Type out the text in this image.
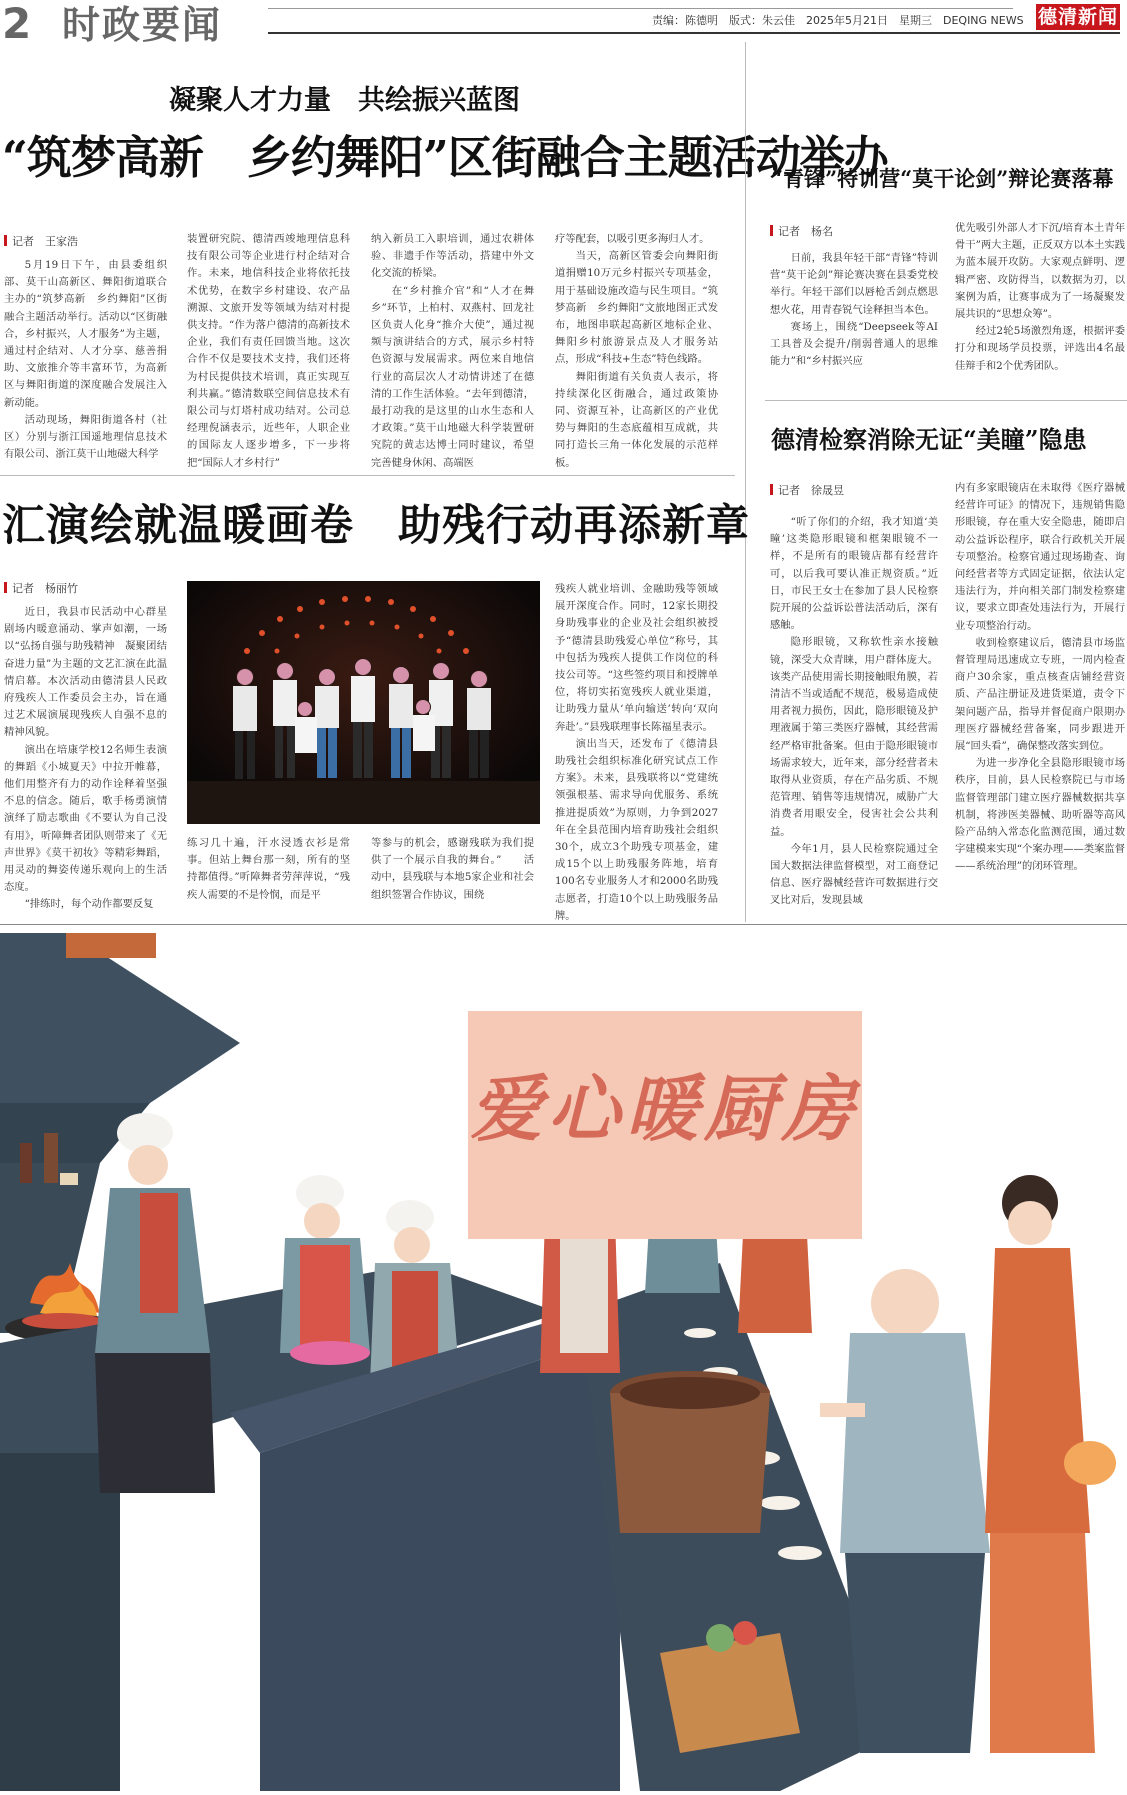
2 时政要闻	责编：陈德明　版式：朱云佳　2025年5月21日　星期三　DEQING NEWS 德清新闻
凝聚人才力量　共绘振兴蓝图
“筑梦高新　乡约舞阳”区街融合主题活动举办
记者　王家浩

5月19日下午，由县委组织部、莫干山高新区、舞阳街道联合主办的“筑梦高新　乡约舞阳”区街融合主题活动举行。活动以“区街融合，乡村振兴，人才服务”为主题，通过村企结对、人才分享、慈善捐助、文旅推介等丰富环节，为高新区与舞阳街道的深度融合发展注入新动能。

活动现场，舞阳街道各村（社区）分别与浙江国遥地理信息技术有限公司、浙江莫干山地磁大科学

装置研究院、德清西竣地理信息科技有限公司等企业进行村企结对合作。未来，地信科技企业将依托技术优势，在数字乡村建设、农产品溯源、文旅开发等领域为结对村提供支持。“作为落户德清的高新技术企业，我们有责任回馈当地。这次合作不仅是要技术支持，我们还将为村民提供技术培训，真正实现互利共赢。”德清数联空间信息技术有限公司与灯塔村成功结对。公司总经理倪涵表示，近些年，人职企业的国际友人逐步增多，下一步将把“国际人才乡村行”

纳入新员工入职培训，通过农耕体验、非遗手作等活动，搭建中外文化交流的桥梁。

在“乡村推介官”和“人才在舞乡”环节，上柏村、双燕村、回龙社区负责人化身“推介大使”，通过视频与演讲结合的方式，展示乡村特色资源与发展需求。两位来自地信行业的高层次人才动情讲述了在德清的工作生活体验。“去年到德清，最打动我的是这里的山水生态和人才政策。”莫干山地磁大科学装置研究院的黄志达博士同时建议，希望完善健身休闲、高端医

疗等配套，以吸引更多海归人才。

当天，高新区管委会向舞阳街道捐赠10万元乡村振兴专项基金，用于基础设施改造与民生项目。“筑梦高新　乡约舞阳”文旅地图正式发布，地图串联起高新区地标企业、舞阳乡村旅游景点及人才服务站点，形成“科技+生态”特色线路。

舞阳街道有关负责人表示，将持续深化区街融合，通过政策协同、资源互补，让高新区的产业优势与舞阳的生态底蕴相互成就，共同打造长三角一体化发展的示范样板。

“青锋”特训营“莫干论剑”辩论赛落幕
记者　杨名

日前，我县年轻干部“青锋”特训营“莫干论剑”辩论赛决赛在县委党校举行。年轻干部们以唇枪舌剑点燃思想火花，用青春锐气诠释担当本色。

赛场上，围绕“Deepseek等AI工具普及会提升/削弱普通人的思维能力”和“乡村振兴应

优先吸引外部人才下沉/培育本土青年骨干”两大主题，正反双方以本土实践为蓝本展开攻防。大家观点鲜明、逻辑严密、攻防得当，以数据为刃，以案例为盾，让赛事成为了一场凝聚发展共识的“思想众筹”。

经过2轮5场激烈角逐，根据评委打分和现场学员投票，评选出4名最佳辩手和2个优秀团队。

德清检察消除无证“美瞳”隐患
记者　徐晟昱

“听了你们的介绍，我才知道‘美瞳’这类隐形眼镜和框架眼镜不一样，不是所有的眼镜店都有经营许可，以后我可要认准正规资质。”近日，市民王女士在参加了县人民检察院开展的公益诉讼普法活动后，深有感触。

隐形眼镜，又称软性亲水接触镜，深受大众青睐，用户群体庞大。该类产品使用需长期接触眼角膜，若清洁不当或适配不规范，极易造成使用者视力损伤，因此，隐形眼镜及护理液属于第三类医疗器械，其经营需经严格审批备案。但由于隐形眼镜市场需求较大，近年来，部分经营者未取得从业资质，存在产品劣质、不规范管理、销售等违规情况，威胁广大消费者用眼安全，侵害社会公共利益。

今年1月，县人民检察院通过全国大数据法律监督模型，对工商登记信息、医疗器械经营许可数据进行交叉比对后，发现县域

内有多家眼镜店在未取得《医疗器械经营许可证》的情况下，违规销售隐形眼镜，存在重大安全隐患，随即启动公益诉讼程序，联合行政机关开展专项整治。检察官通过现场勘查、询问经营者等方式固定证据，依法认定违法行为，并向相关部门制发检察建议，要求立即查处违法行为，开展行业专项整治行动。

收到检察建议后，德清县市场监督管理局迅速成立专班，一周内检查商户30余家，重点核查店铺经营资质、产品注册证及进货渠道，责令下架问题产品，指导并督促商户限期办理医疗器械经营备案，同步跟进开展“回头看”，确保整改落实到位。

为进一步净化全县隐形眼镜市场秩序，目前，县人民检察院已与市场监督管理部门建立医疗器械数据共享机制，将涉医美器械、助听器等高风险产品纳入常态化监测范围，通过数字建模来实现“个案办理——类案监督——系统治理”的闭环管理。

汇演绘就温暖画卷　助残行动再添新章
记者　杨丽竹

近日，我县市民活动中心群星剧场内暖意涌动、掌声如潮，一场以“弘扬自强与助残精神　凝聚团结奋进力量”为主题的文艺汇演在此温情启幕。本次活动由德清县人民政府残疾人工作委员会主办，旨在通过艺术展演展现残疾人自强不息的精神风貌。

演出在培康学校12名师生表演的舞蹈《小城夏天》中拉开帷幕，他们用整齐有力的动作诠释着坚强不息的信念。随后，歌手杨勇演情演绎了励志歌曲《不要认为自己没有用》，听障舞者团队则带来了《无声世界》《莫干初妆》等精彩舞蹈，用灵动的舞姿传递乐观向上的生活态度。

“排练时，每个动作都要反复

练习几十遍，汗水浸透衣衫是常事。但站上舞台那一刻，所有的坚持都值得。”听障舞者劳萍萍说，“残疾人需要的不是怜悯，而是平

等参与的机会，感谢残联为我们提供了一个展示自我的舞台。”　　活动中，县残联与本地5家企业和社会组织签署合作协议，围绕

残疾人就业培训、金融助残等领域展开深度合作。同时，12家长期投身助残事业的企业及社会组织被授予“德清县助残爱心单位”称号，其中包括为残疾人提供工作岗位的科技公司等。“这些签约项目和授牌单位，将切实拓宽残疾人就业渠道，让助残力量从‘单向输送’转向‘双向奔赴’。”县残联理事长陈福星表示。

演出当天，还发布了《德清县助残社会组织标准化研究试点工作方案》。未来，县残联将以“党建统领强根基、需求导向优服务、系统推进提质效”为原则，力争到2027年在全县范围内培育助残社会组织30个，成立3个助残专项基金，建成15个以上助残服务阵地，培育100名专业服务人才和2000名助残志愿者，打造10个以上助残服务品牌。

爱心暖厨房
